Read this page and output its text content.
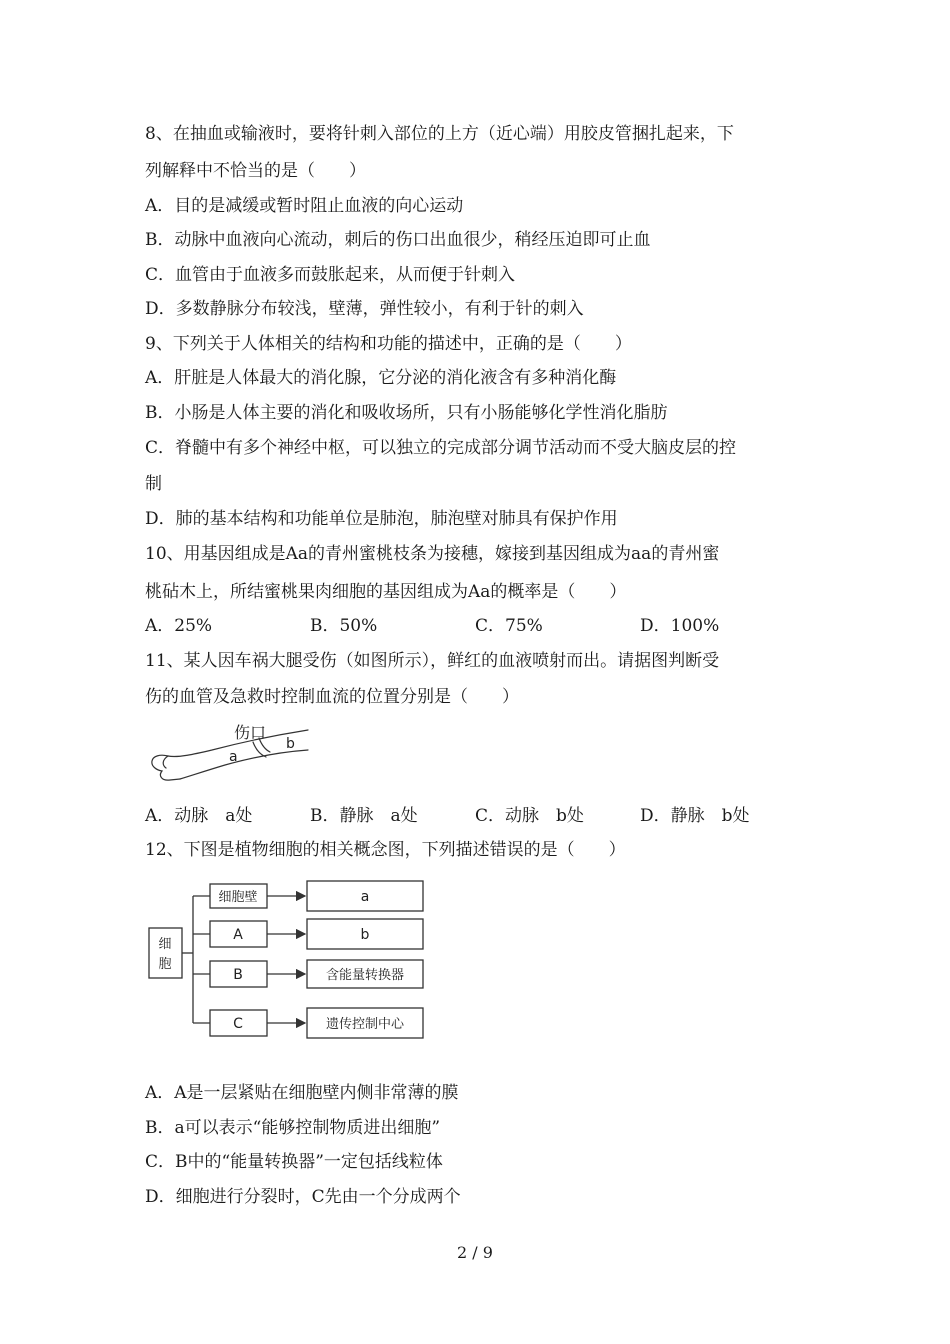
8、在抽血或输液时，要将针刺入部位的上方（近心端）用胶皮管捆扎起来，下
列解释中不恰当的是（　　）
A．目的是减缓或暂时阻止血液的向心运动
B．动脉中血液向心流动，刺后的伤口出血很少，稍经压迫即可止血
C．血管由于血液多而鼓胀起来，从而便于针刺入
D．多数静脉分布较浅，壁薄，弹性较小，有利于针的刺入
9、下列关于人体相关的结构和功能的描述中，正确的是（　　）
A．肝脏是人体最大的消化腺，它分泌的消化液含有多种消化酶
B．小肠是人体主要的消化和吸收场所，只有小肠能够化学性消化脂肪
C．脊髓中有多个神经中枢，可以独立的完成部分调节活动而不受大脑皮层的控
制
D．肺的基本结构和功能单位是肺泡，肺泡壁对肺具有保护作用
10、用基因组成是Aa的青州蜜桃枝条为接穗，嫁接到基因组成为aa的青州蜜
桃砧木上，所结蜜桃果肉细胞的基因组成为Aa的概率是（　　）
A．25%	B．50%	C．75%	D．100%
11、某人因车祸大腿受伤（如图所示），鲜红的血液喷射而出。请据图判断受
伤的血管及急救时控制血流的位置分别是（　　）
伤口
a
b
A．动脉　a处	B．静脉　a处	C．动脉　b处	D．静脉　b处
12、下图是植物细胞的相关概念图，下列描述错误的是（　　）
细
胞
细胞壁
A
B
C
a
b
含能量转换器
遗传控制中心
A．A是一层紧贴在细胞壁内侧非常薄的膜
B．a可以表示“能够控制物质进出细胞”
C．B中的“能量转换器”一定包括线粒体
D．细胞进行分裂时，C先由一个分成两个
2 / 9
